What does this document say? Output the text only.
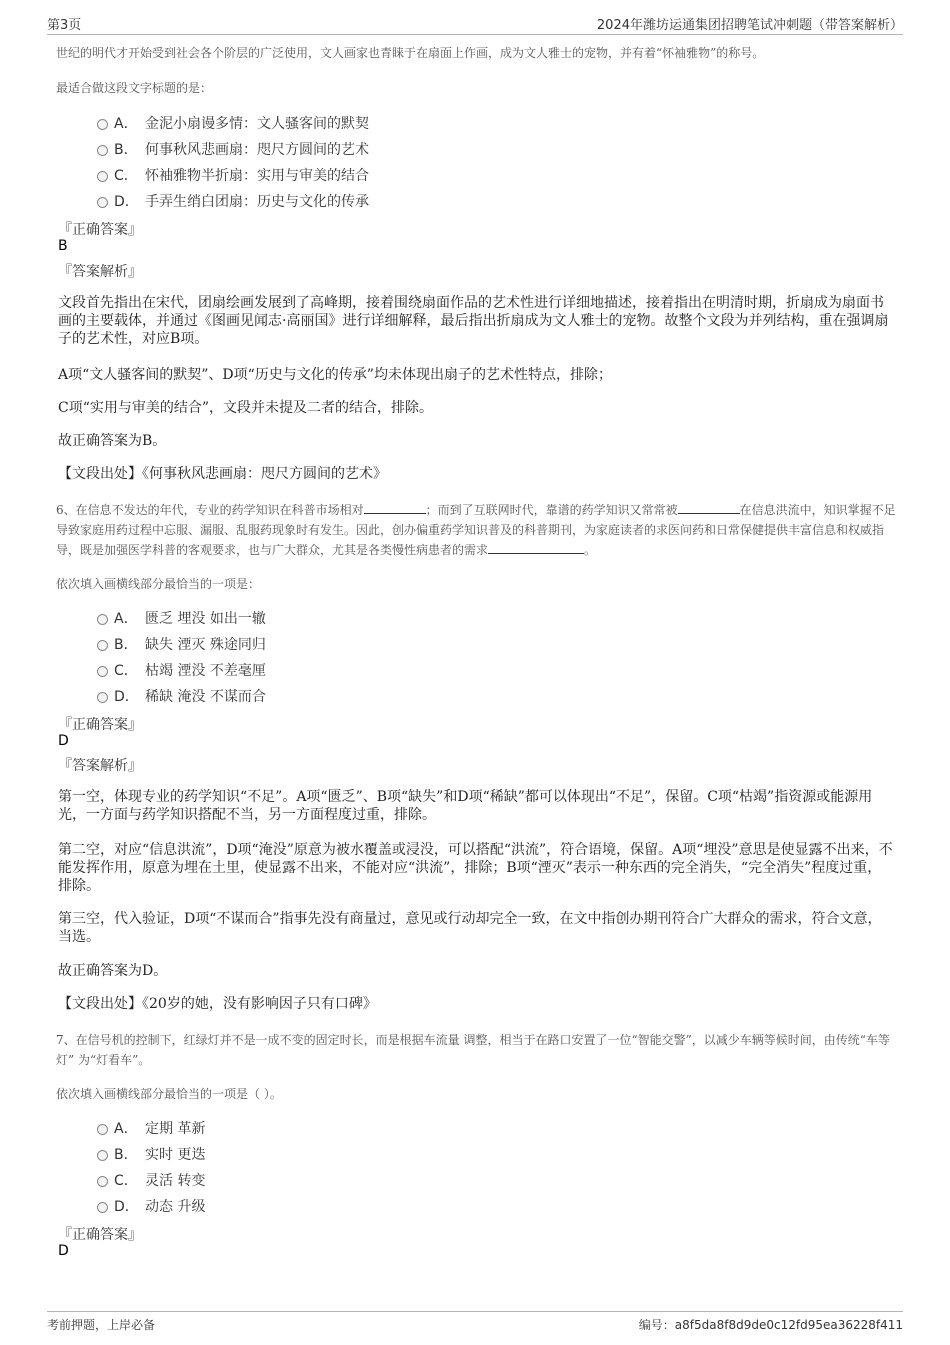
第3页	2024年潍坊运通集团招聘笔试冲刺题（带答案解析）
世纪的明代才开始受到社会各个阶层的广泛使用，文人画家也青睐于在扇面上作画，成为文人雅士的宠物，并有着“怀袖雅物”的称号。
最适合做这段文字标题的是：
A． 金泥小扇谩多情：文人骚客间的默契
B． 何事秋风悲画扇：咫尺方圆间的艺术
C． 怀袖雅物半折扇：实用与审美的结合
D． 手弄生绡白团扇：历史与文化的传承
『正确答案』
B
『答案解析』
文段首先指出在宋代，团扇绘画发展到了高峰期，接着围绕扇面作品的艺术性进行详细地描述，接着指出在明清时期，折扇成为扇面书画的主要载体，并通过《图画见闻志·高丽国》进行详细解释，最后指出折扇成为文人雅士的宠物。故整个文段为并列结构，重在强调扇子的艺术性，对应B项。
A项“文人骚客间的默契”、D项“历史与文化的传承”均未体现出扇子的艺术性特点，排除；
C项“实用与审美的结合”，文段并未提及二者的结合，排除。
故正确答案为B。
【文段出处】《何事秋风悲画扇：咫尺方圆间的艺术》
6、在信息不发达的年代，专业的药学知识在科普市场相对	；而到了互联网时代，靠谱的药学知识又常常被	在信息洪流中，知识掌握不足导致家庭用药过程中忘服、漏服、乱服药现象时有发生。因此，创办偏重药学知识普及的科普期刊，为家庭读者的求医问药和日常保健提供丰富信息和权威指导，既是加强医学科普的客观要求，也与广大群众，尤其是各类慢性病患者的需求	。
依次填入画横线部分最恰当的一项是：
A． 匮乏 埋没 如出一辙
B． 缺失 湮灭 殊途同归
C． 枯竭 湮没 不差毫厘
D． 稀缺 淹没 不谋而合
『正确答案』
D
『答案解析』
第一空，体现专业的药学知识“不足”。A项“匮乏”、B项“缺失”和D项“稀缺”都可以体现出“不足”，保留。C项“枯竭”指资源或能源用光，一方面与药学知识搭配不当，另一方面程度过重，排除。
第二空，对应“信息洪流”，D项“淹没”原意为被水覆盖或浸没，可以搭配“洪流”，符合语境，保留。A项“埋没”意思是使显露不出来，不能发挥作用，原意为埋在土里，使显露不出来，不能对应“洪流”，排除；B项“湮灭”表示一种东西的完全消失，“完全消失”程度过重，排除。
第三空，代入验证，D项“不谋而合”指事先没有商量过，意见或行动却完全一致，在文中指创办期刊符合广大群众的需求，符合文意，当选。
故正确答案为D。
【文段出处】《20岁的她，没有影响因子只有口碑》
7、在信号机的控制下，红绿灯并不是一成不变的固定时长，而是根据车流量 调整，相当于在路口安置了一位“智能交警”，以减少车辆等候时间，由传统“车等灯” 为“灯看车”。
依次填入画横线部分最恰当的一项是（ ）。
A． 定期 革新
B． 实时 更迭
C． 灵活 转变
D． 动态 升级
『正确答案』
D
考前押题，上岸必备	编号：a8f5da8f8d9de0c12fd95ea36228f411
